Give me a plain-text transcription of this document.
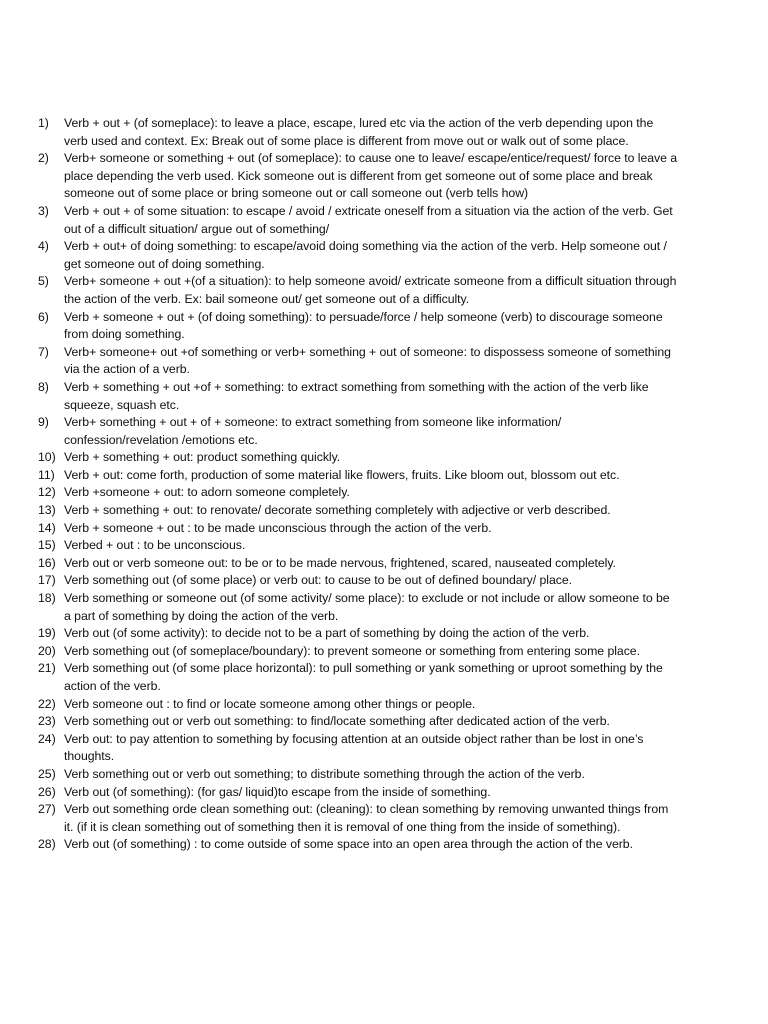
1)	Verb + out + (of someplace): to leave a place, escape, lured etc via the action of the verb depending upon the verb used and context. Ex: Break out of some place is different from move out or walk out of some place.
2)	Verb+ someone or something + out (of someplace): to cause one to leave/ escape/entice/request/ force to leave a place depending the verb used. Kick someone out is different from get someone out of some place and break someone out of some place or bring someone out or call someone out (verb tells how)
3)	Verb + out + of some situation: to escape / avoid / extricate oneself from a situation via the action of the verb. Get out of a difficult situation/ argue out of something/
4)	Verb + out+ of doing something: to escape/avoid doing something via the action of the verb. Help someone out / get someone out of doing something.
5)	Verb+ someone + out +(of a situation): to help someone avoid/ extricate someone from a difficult situation through the action of the verb. Ex: bail someone out/ get someone out of a difficulty.
6)	Verb + someone + out + (of doing something): to persuade/force / help someone (verb) to discourage someone from doing something.
7)	Verb+ someone+ out +of something or verb+ something + out of someone: to dispossess someone of something via the action of a verb.
8)	Verb + something + out +of + something: to extract something from something with the action of the verb like squeeze, squash etc.
9)	Verb+ something + out + of + someone: to extract something from someone like information/ confession/revelation /emotions etc.
10) Verb + something + out: product something quickly.
11) Verb + out: come forth, production of some material like flowers, fruits. Like bloom out, blossom out etc.
12) Verb +someone + out: to adorn someone completely.
13) Verb + something + out: to renovate/ decorate something completely with adjective or verb described.
14) Verb + someone + out : to be made unconscious through the action of the verb.
15) Verbed + out : to be unconscious.
16) Verb out or verb someone out: to be or to be made nervous, frightened, scared, nauseated completely.
17) Verb something out (of some place) or verb out: to cause to be out of defined boundary/ place.
18) Verb something or someone out (of some activity/ some place): to exclude or not include or allow someone to be a part of something by doing the action of the verb.
19) Verb out (of some activity): to decide not to be a part of something by doing the action of the verb.
20) Verb something out (of someplace/boundary): to prevent someone or something from entering some place.
21) Verb something out (of some place horizontal): to pull something or yank something or uproot something by the action of the verb.
22) Verb someone out : to find or locate someone among other things or people.
23) Verb something out or verb out something: to find/locate something after dedicated action of the verb.
24) Verb out: to pay attention to something by focusing attention at an outside object rather than be lost in one’s thoughts.
25) Verb something out or verb out something; to distribute something through the action of the verb.
26) Verb out (of something): (for gas/ liquid)to escape from the inside of something.
27) Verb out something orde clean something out: (cleaning): to clean something by removing unwanted things from it. (if it is clean something out of something then it is removal of one thing from the inside of something).
28) Verb out (of something) : to come outside of some space into an open area through the action of the verb.
